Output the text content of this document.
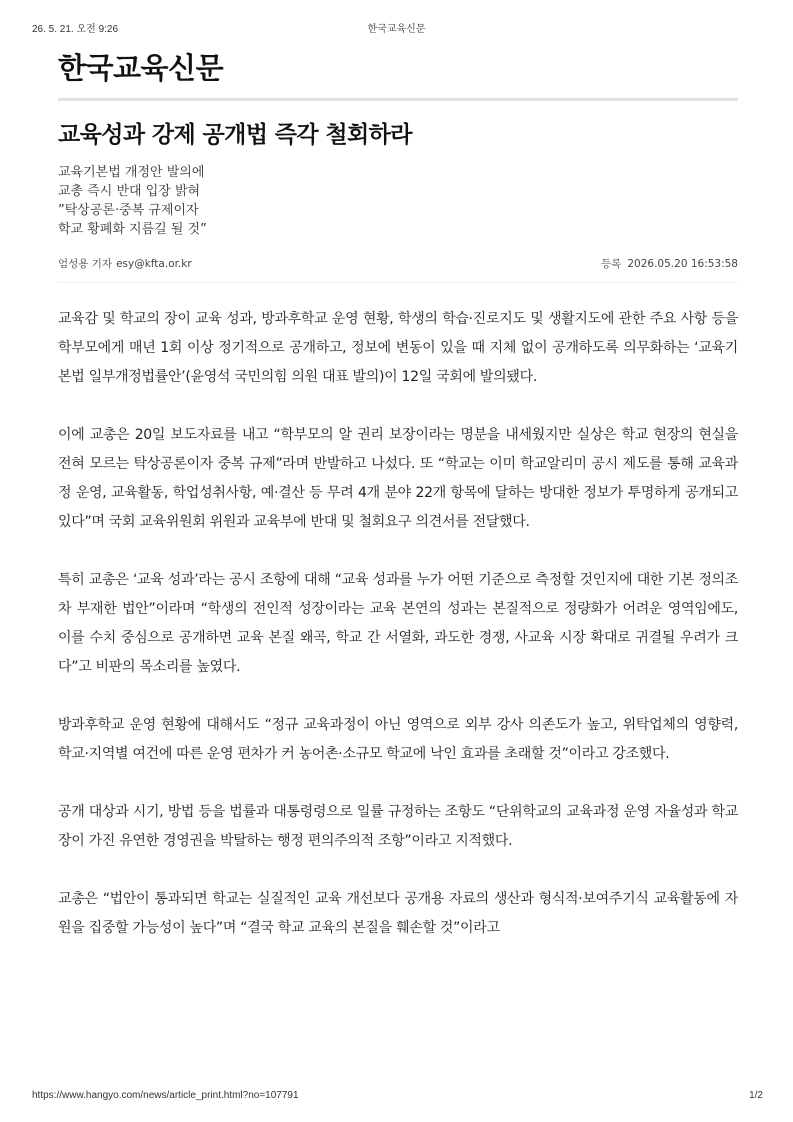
26. 5. 21. 오전 9:26	한국교육신문
한국교육신문
교육성과 강제 공개법 즉각 철회하라
교육기본법 개정안 발의에
교총 즉시 반대 입장 밝혀
”탁상공론·중복 규제이자
학교 황폐화 지름길 될 것”
엄성용 기자 esy@kfta.or.kr	등록 2026.05.20 16:53:58

교육감 및 학교의 장이 교육 성과, 방과후학교 운영 현황, 학생의 학습·진로지도 및 생활지도에 관한 주요 사항 등을 학부모에게 매년 1회 이상 정기적으로 공개하고, 정보에 변동이 있을 때 지체 없이 공개하도록 의무화하는 ‘교육기본법 일부개정법률안’(윤영석 국민의힘 의원 대표 발의)이 12일 국회에 발의됐다.

이에 교총은 20일 보도자료를 내고 “학부모의 알 권리 보장이라는 명분을 내세웠지만 실상은 학교 현장의 현실을 전혀 모르는 탁상공론이자 중복 규제”라며 반발하고 나섰다. 또 “학교는 이미 학교알리미 공시 제도를 통해 교육과정 운영, 교육활동, 학업성취사항, 예·결산 등 무려 4개 분야 22개 항목에 달하는 방대한 정보가 투명하게 공개되고 있다”며 국회 교육위원회 위원과 교육부에 반대 및 철회요구 의견서를 전달했다.

특히 교총은 ‘교육 성과’라는 공시 조항에 대해 “교육 성과를 누가 어떤 기준으로 측정할 것인지에 대한 기본 정의조차 부재한 법안”이라며 “학생의 전인적 성장이라는 교육 본연의 성과는 본질적으로 정량화가 어려운 영역임에도, 이를 수치 중심으로 공개하면 교육 본질 왜곡, 학교 간 서열화, 과도한 경쟁, 사교육 시장 확대로 귀결될 우려가 크다”고 비판의 목소리를 높였다.

방과후학교 운영 현황에 대해서도 “정규 교육과정이 아닌 영역으로 외부 강사 의존도가 높고, 위탁업체의 영향력, 학교·지역별 여건에 따른 운영 편차가 커 농어촌·소규모 학교에 낙인 효과를 초래할 것”이라고 강조했다.

공개 대상과 시기, 방법 등을 법률과 대통령령으로 일률 규정하는 조항도 “단위학교의 교육과정 운영 자율성과 학교장이 가진 유연한 경영권을 박탈하는 행정 편의주의적 조항”이라고 지적했다.

교총은 “법안이 통과되면 학교는 실질적인 교육 개선보다 공개용 자료의 생산과 형식적·보여주기식 교육활동에 자원을 집중할 가능성이 높다”며 “결국 학교 교육의 본질을 훼손할 것”이라고

https://www.hangyo.com/news/article_print.html?no=107791	1/2
